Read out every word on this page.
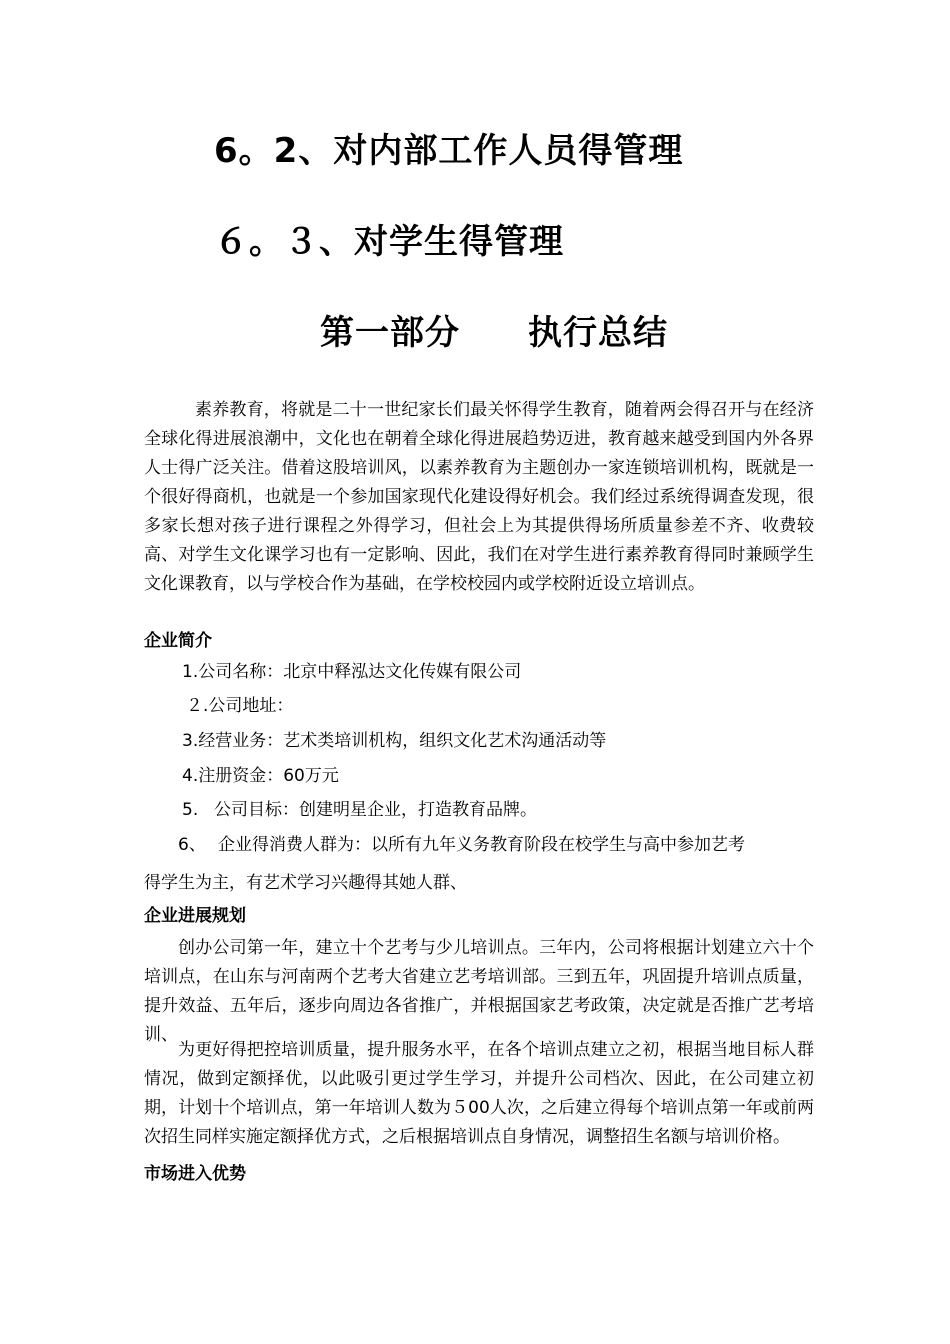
6。2、对内部工作人员得管理
６。３、对学生得管理
第一部分 执行总结

素养教育，将就是二十一世纪家长们最关怀得学生教育，随着两会得召开与在经济全球化得进展浪潮中，文化也在朝着全球化得进展趋势迈进，教育越来越受到国内外各界人士得广泛关注。借着这股培训风，以素养教育为主题创办一家连锁培训机构，既就是一个很好得商机，也就是一个参加国家现代化建设得好机会。我们经过系统得调查发现，很多家长想对孩子进行课程之外得学习，但社会上为其提供得场所质量参差不齐、收费较高、对学生文化课学习也有一定影响、因此，我们在对学生进行素养教育得同时兼顾学生文化课教育，以与学校合作为基础，在学校校园内或学校附近设立培训点。

企业简介
1.公司名称：北京中释泓达文化传媒有限公司
２.公司地址：
3.经营业务：艺术类培训机构，组织文化艺术沟通活动等
4.注册资金：60万元
5. 公司目标：创建明星企业，打造教育品牌。
6、 企业得消费人群为：以所有九年义务教育阶段在校学生与高中参加艺考
得学生为主，有艺术学习兴趣得其她人群、
企业进展规划

创办公司第一年，建立十个艺考与少儿培训点。三年内，公司将根据计划建立六十个培训点，在山东与河南两个艺考大省建立艺考培训部。三到五年，巩固提升培训点质量，提升效益、五年后，逐步向周边各省推广，并根据国家艺考政策，决定就是否推广艺考培训、

为更好得把控培训质量，提升服务水平，在各个培训点建立之初，根据当地目标人群情况，做到定额择优，以此吸引更过学生学习，并提升公司档次、因此，在公司建立初期，计划十个培训点，第一年培训人数为５00人次，之后建立得每个培训点第一年或前两次招生同样实施定额择优方式，之后根据培训点自身情况，调整招生名额与培训价格。

市场进入优势
